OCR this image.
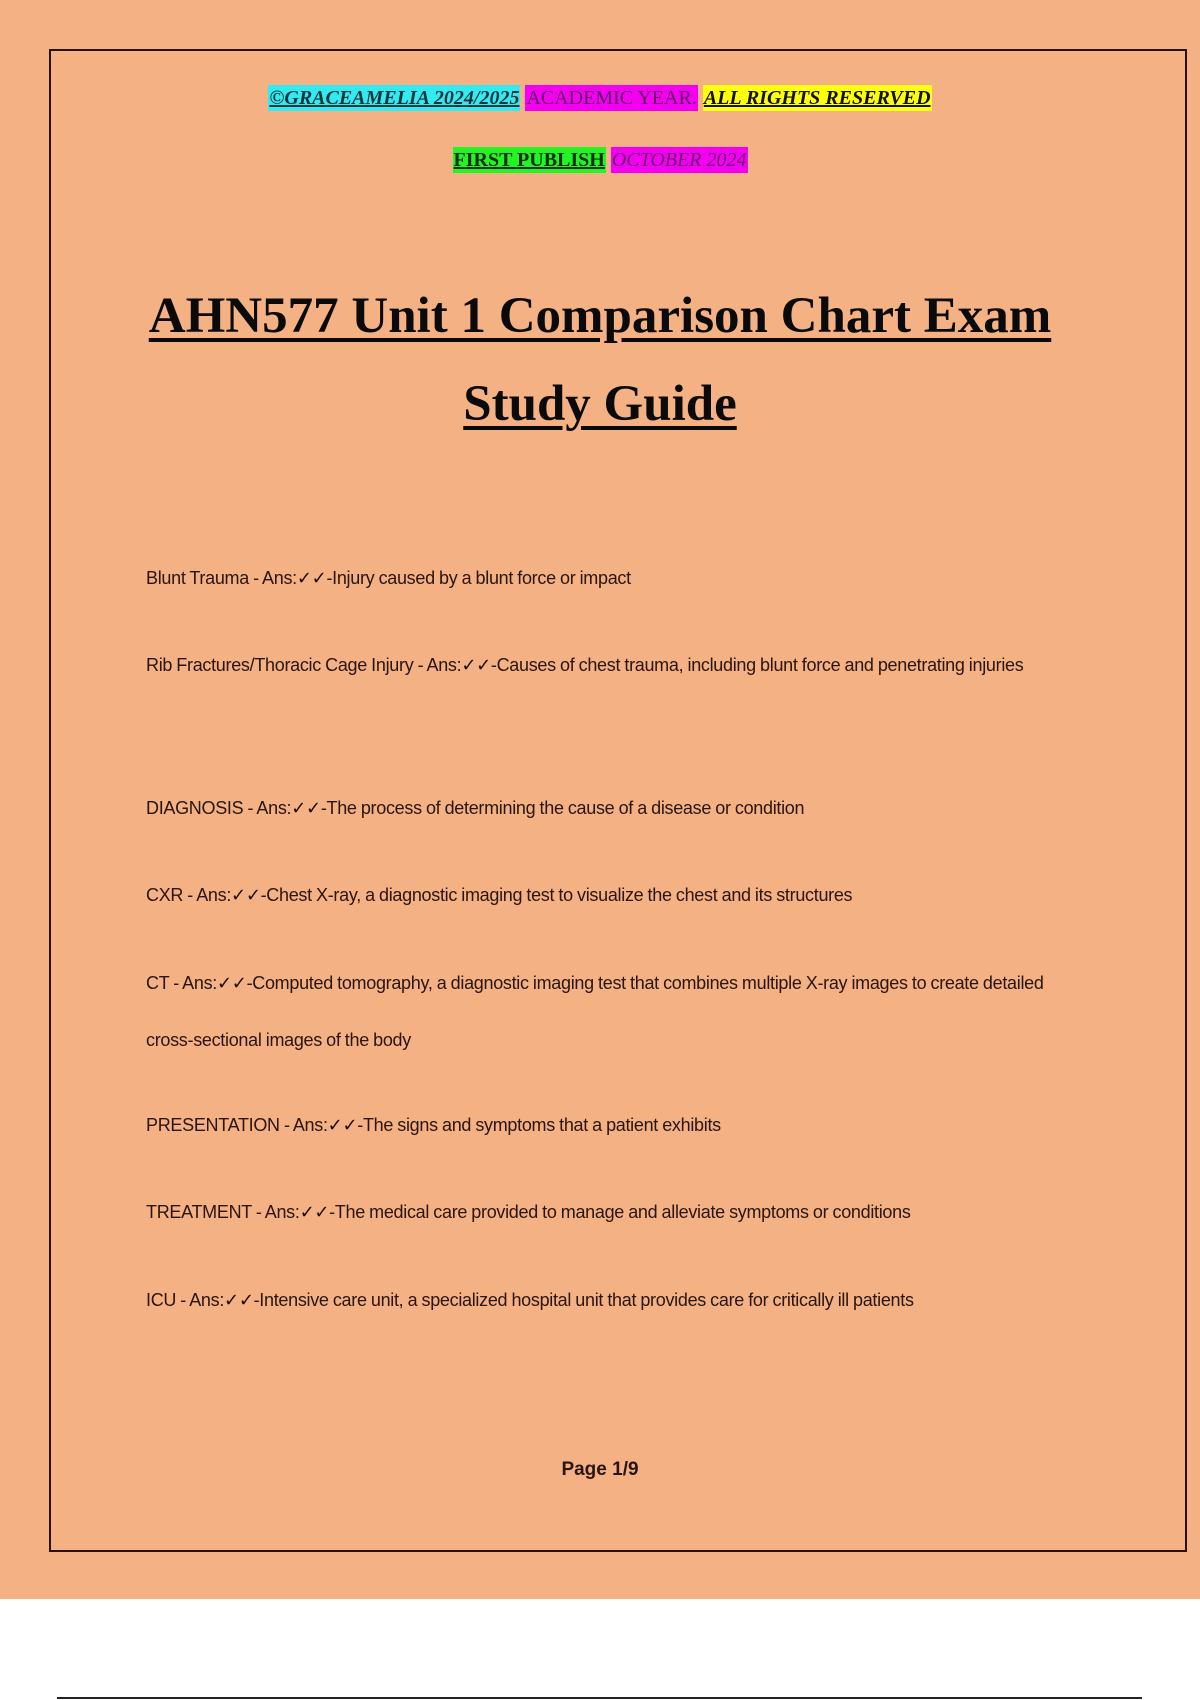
©GRACEAMELIA 2024/2025 ACADEMIC YEAR. ALL RIGHTS RESERVED
FIRST PUBLISH OCTOBER 2024
AHN577 Unit 1 Comparison Chart Exam
Study Guide
Blunt Trauma - Ans:✓✓-Injury caused by a blunt force or impact
Rib Fractures/Thoracic Cage Injury - Ans:✓✓-Causes of chest trauma, including blunt force and penetrating injuries
DIAGNOSIS - Ans:✓✓-The process of determining the cause of a disease or condition
CXR - Ans:✓✓-Chest X-ray, a diagnostic imaging test to visualize the chest and its structures
CT - Ans:✓✓-Computed tomography, a diagnostic imaging test that combines multiple X-ray images to create detailed cross-sectional images of the body
PRESENTATION - Ans:✓✓-The signs and symptoms that a patient exhibits
TREATMENT - Ans:✓✓-The medical care provided to manage and alleviate symptoms or conditions
ICU - Ans:✓✓-Intensive care unit, a specialized hospital unit that provides care for critically ill patients
Page 1/9
